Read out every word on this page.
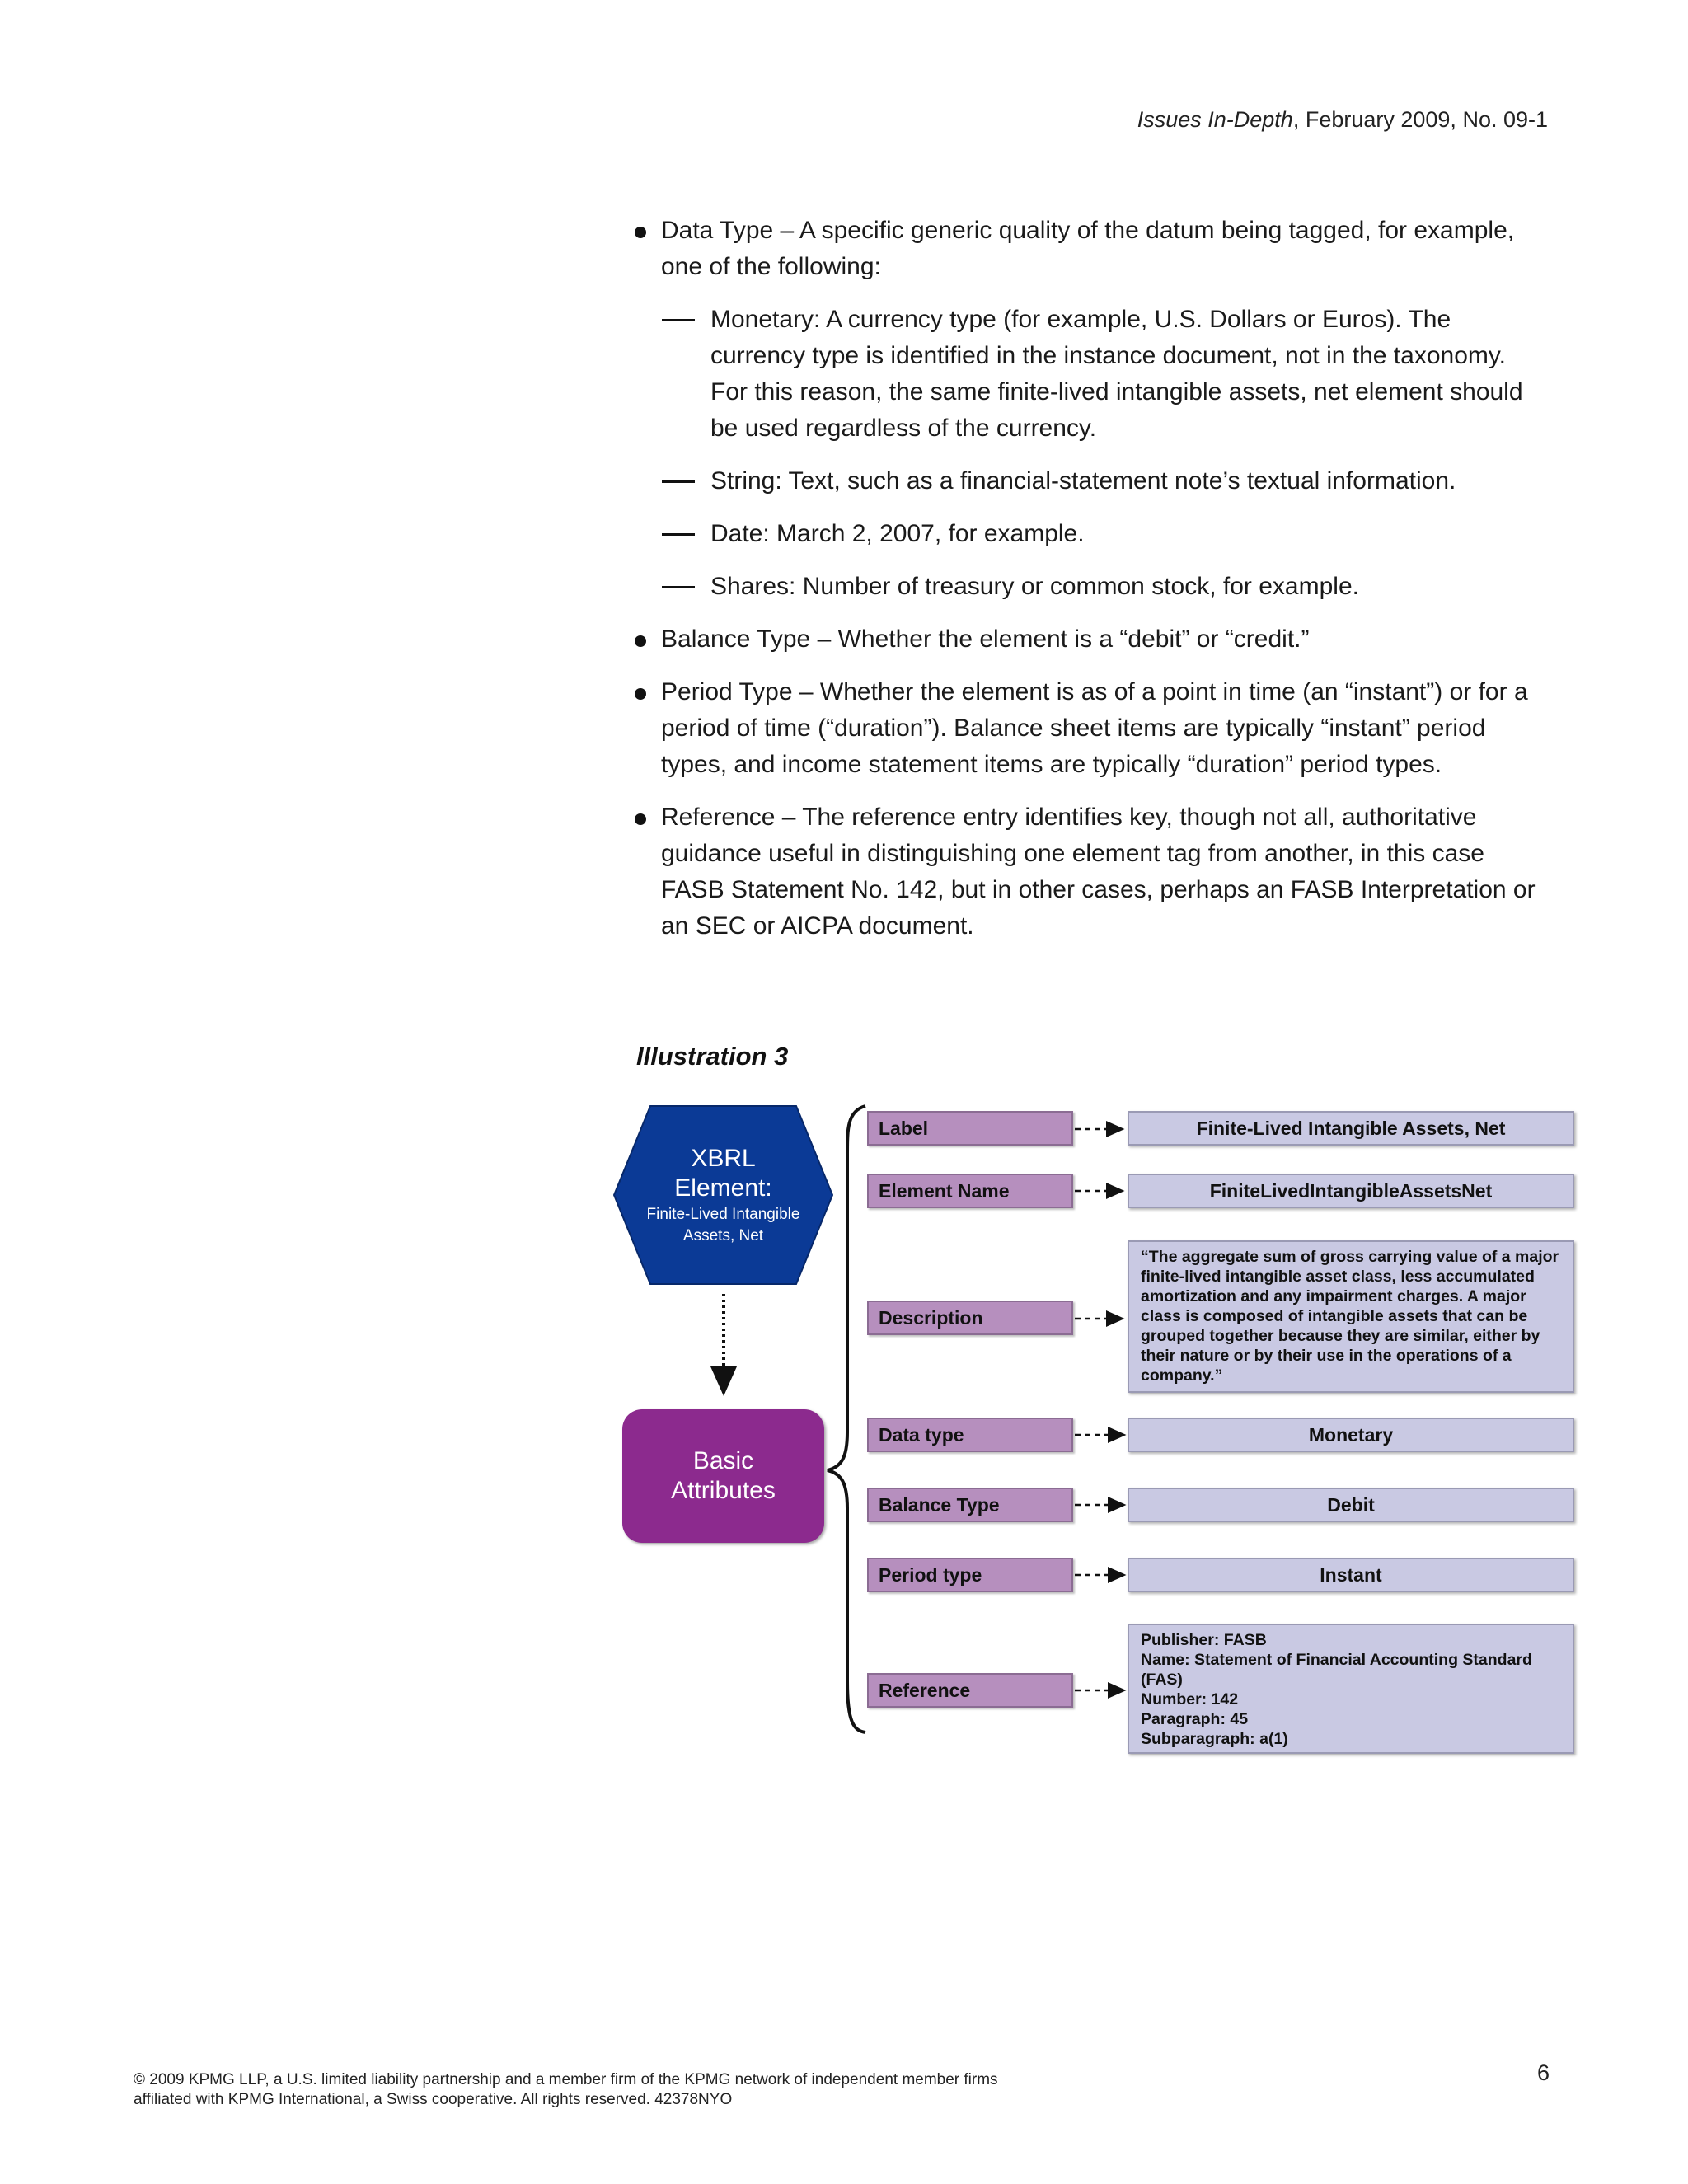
Issues In-Depth, February 2009, No. 09-1
Data Type – A specific generic quality of the datum being tagged, for example, one of the following:
Monetary: A currency type (for example, U.S. Dollars or Euros). The currency type is identified in the instance document, not in the taxonomy. For this reason, the same finite-lived intangible assets, net element should be used regardless of the currency.
String: Text, such as a financial-statement note’s textual information.
Date: March 2, 2007, for example.
Shares: Number of treasury or common stock, for example.
Balance Type – Whether the element is a “debit” or “credit.”
Period Type – Whether the element is as of a point in time (an “instant”) or for a period of time (“duration”). Balance sheet items are typically “instant” period types, and income statement items are typically “duration” period types.
Reference – The reference entry identifies key, though not all, authoritative guidance useful in distinguishing one element tag from another, in this case FASB Statement No. 142, but in other cases, perhaps an FASB Interpretation or an SEC or AICPA document.
Illustration 3
XBRL
Element:
Finite-Lived Intangible
Assets, Net
Basic
Attributes
Label
Element Name
Description
Data type
Balance Type
Period type
Reference
Finite-Lived Intangible Assets, Net
FiniteLivedIntangibleAssetsNet
“The aggregate sum of gross carrying value of a major finite-lived intangible asset class, less accumulated amortization and any impairment charges. A major class is composed of intangible assets that can be grouped together because they are similar, either by their nature or by their use in the operations of a company.”
Monetary
Debit
Instant
Publisher: FASB
Name: Statement of Financial Accounting Standard (FAS)
Number: 142
Paragraph: 45
Subparagraph: a(1)
© 2009 KPMG LLP, a U.S. limited liability partnership and a member firm of the KPMG network of independent member firms
affiliated with KPMG International, a Swiss cooperative. All rights reserved. 42378NYO
6
